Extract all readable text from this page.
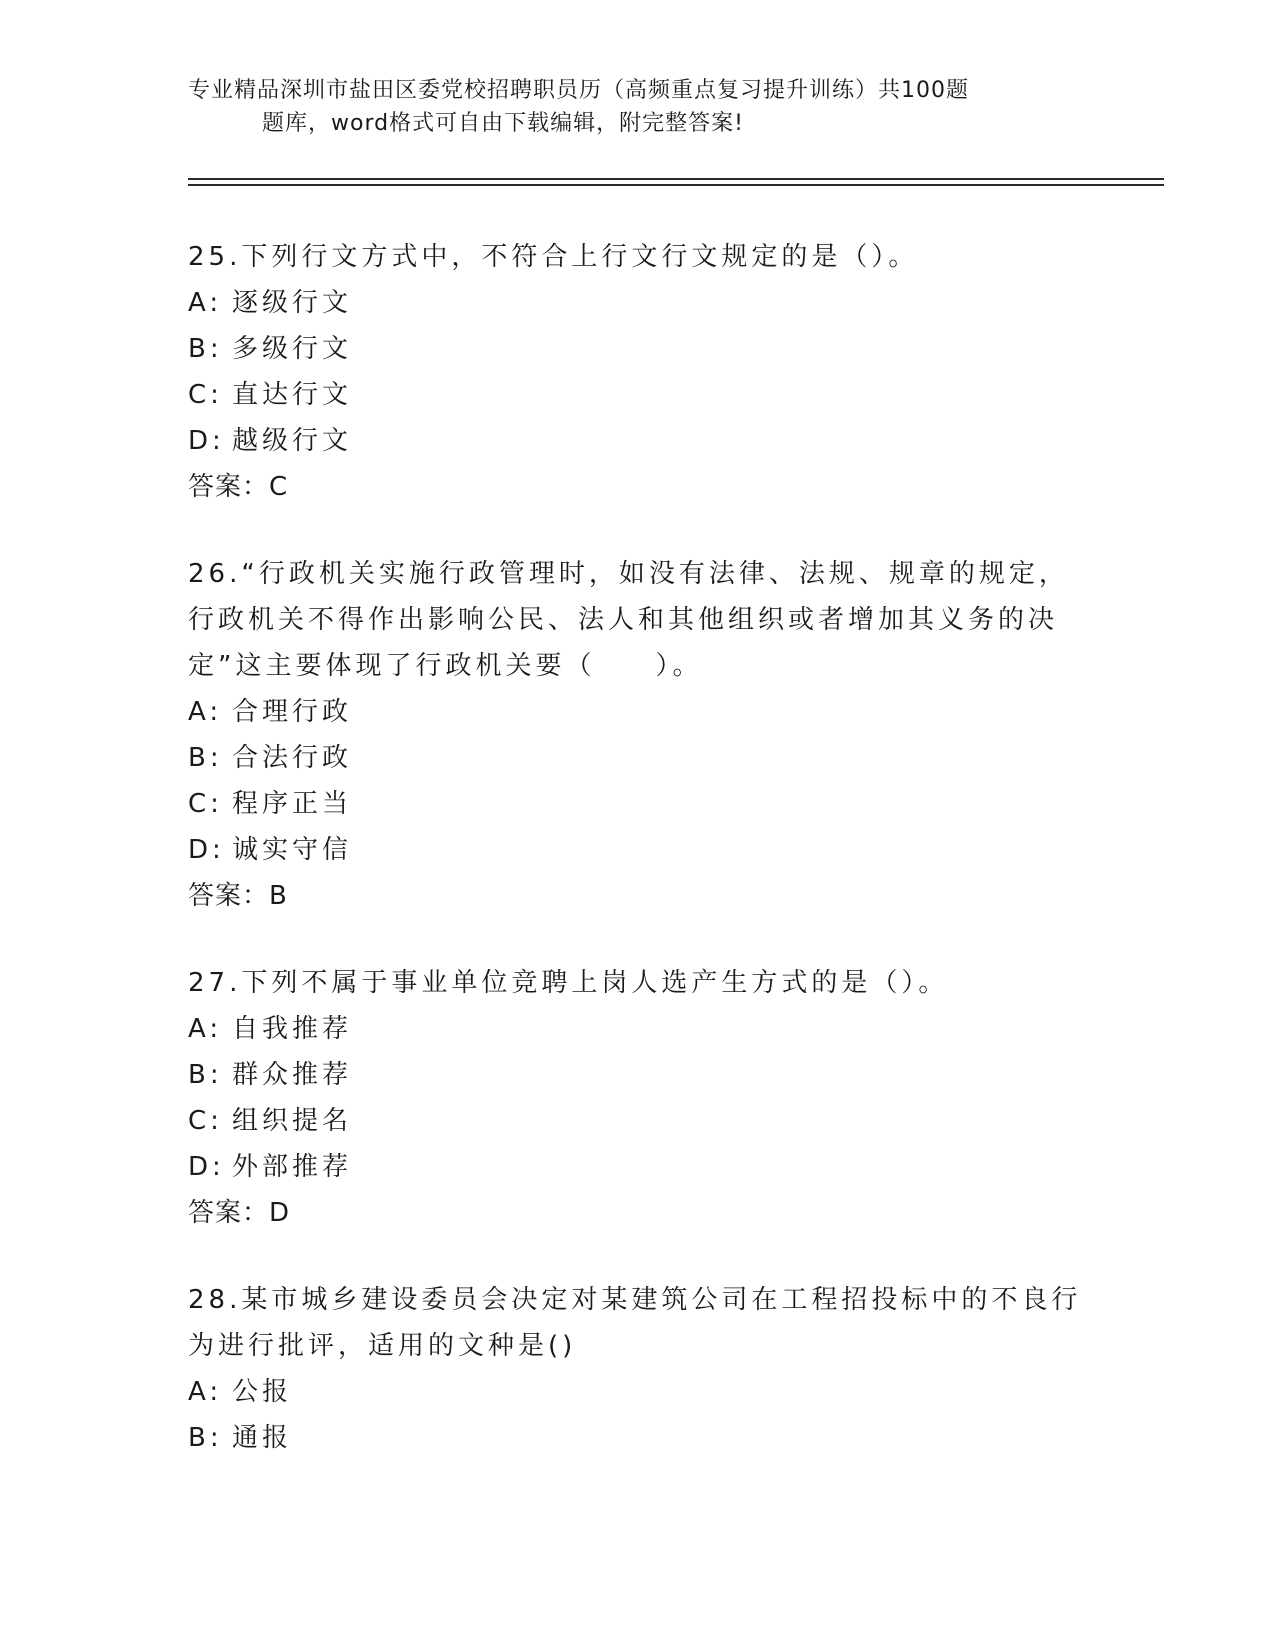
专业精品深圳市盐田区委党校招聘职员历（高频重点复习提升训练）共100题
题库，word格式可自由下载编辑，附完整答案!

25.下列行文方式中，不符合上行文行文规定的是（）。

A: 逐级行文
B: 多级行文
C: 直达行文
D: 越级行文
答案：C

26.“行政机关实施行政管理时，如没有法律、法规、规章的规定，行政机关不得作出影响公民、法人和其他组织或者增加其义务的决定”这主要体现了行政机关要（　　）。

A: 合理行政
B: 合法行政
C: 程序正当
D: 诚实守信
答案：B

27.下列不属于事业单位竞聘上岗人选产生方式的是（）。

A: 自我推荐
B: 群众推荐
C: 组织提名
D: 外部推荐
答案：D

28.某市城乡建设委员会决定对某建筑公司在工程招投标中的不良行为进行批评，适用的文种是()

A: 公报
B: 通报
